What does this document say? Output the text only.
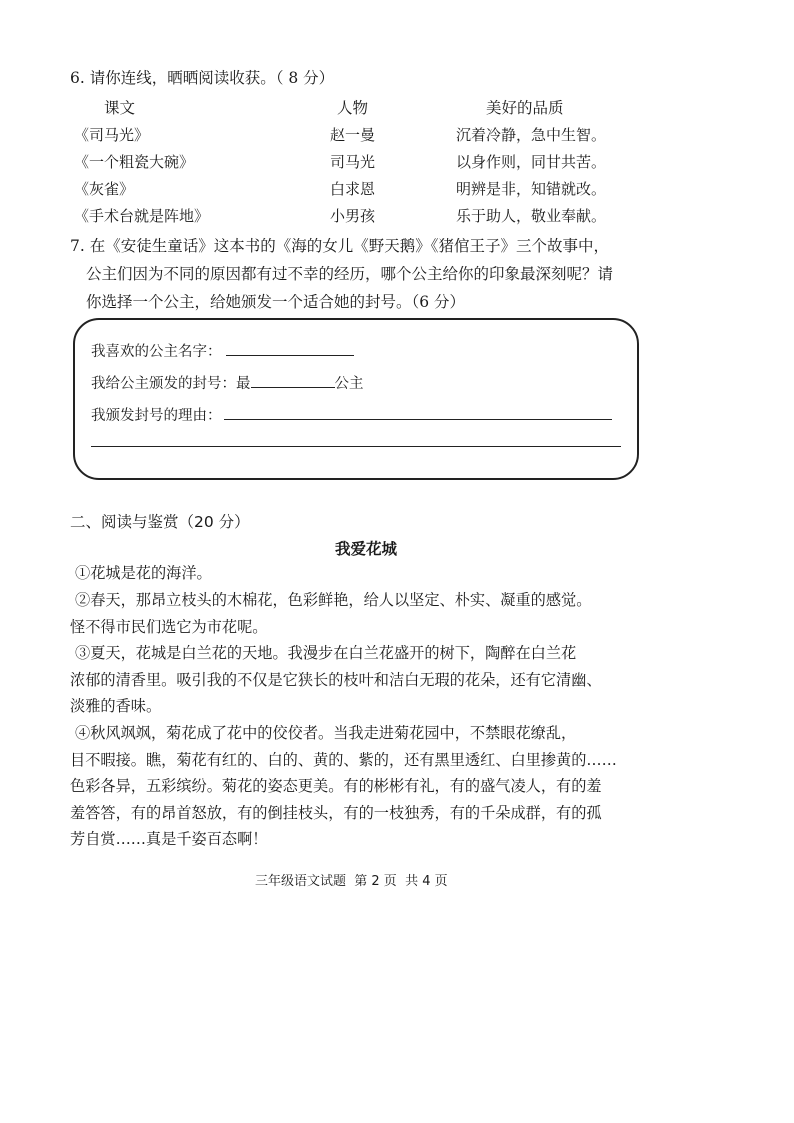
6. 请你连线，晒晒阅读收获。（ 8 分）
课文	人物	美好的品质
《司马光》	赵一曼	沉着冷静，急中生智。
《一个粗瓷大碗》	司马光	以身作则，同甘共苦。
《灰雀》	白求恩	明辨是非，知错就改。
《手术台就是阵地》	小男孩	乐于助人，敬业奉献。
7. 在《安徒生童话》这本书的《海的女儿《野天鹅》《猪倌王子》三个故事中，
公主们因为不同的原因都有过不幸的经历，哪个公主给你的印象最深刻呢？请
你选择一个公主，给她颁发一个适合她的封号。（6 分）
我喜欢的公主名字：
我给公主颁发的封号：最	公主
我颁发封号的理由：
二、阅读与鉴赏（20 分）
我爱花城
①花城是花的海洋。
②春天，那昂立枝头的木棉花，色彩鲜艳，给人以坚定、朴实、凝重的感觉。
怪不得市民们选它为市花呢。
③夏天，花城是白兰花的天地。我漫步在白兰花盛开的树下，陶醉在白兰花
浓郁的清香里。吸引我的不仅是它狭长的枝叶和洁白无瑕的花朵，还有它清幽、
淡雅的香味。
④秋风飒飒，菊花成了花中的佼佼者。当我走进菊花园中，不禁眼花缭乱，
目不暇接。瞧，菊花有红的、白的、黄的、紫的，还有黑里透红、白里掺黄的……
色彩各异，五彩缤纷。菊花的姿态更美。有的彬彬有礼，有的盛气凌人，有的羞
羞答答，有的昂首怒放，有的倒挂枝头，有的一枝独秀，有的千朵成群，有的孤
芳自赏……真是千姿百态啊！
三年级语文试题  第 2 页  共 4 页
